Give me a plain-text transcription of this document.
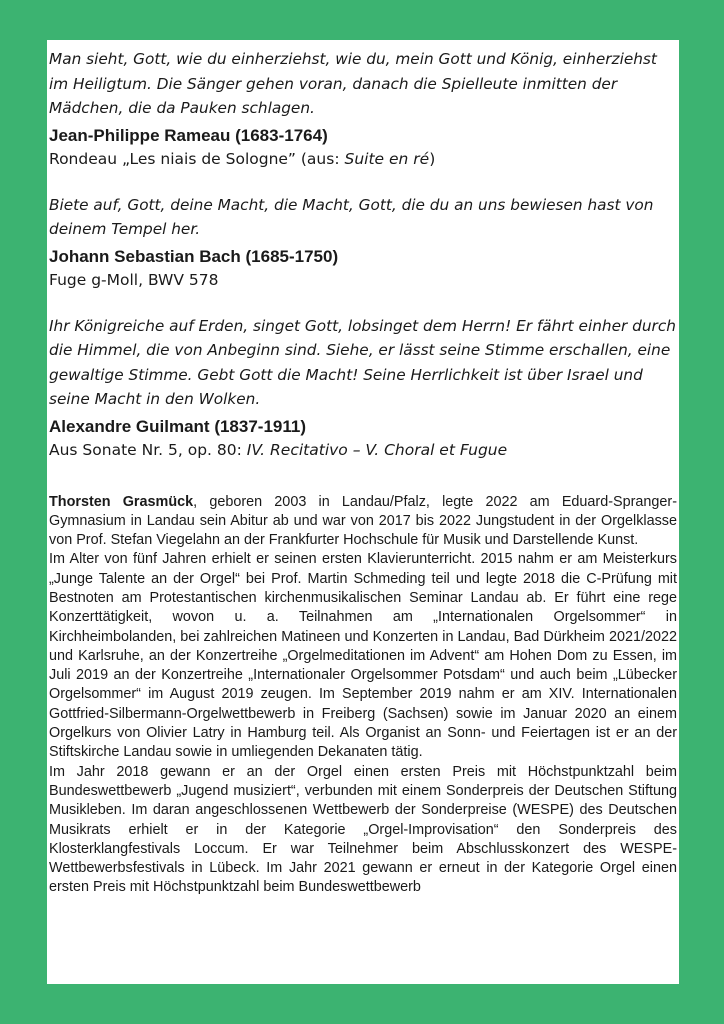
Man sieht, Gott, wie du einherziehst, wie du, mein Gott und König, einherziehst im Heiligtum. Die Sänger gehen voran, danach die Spielleute inmitten der Mädchen, die da Pauken schlagen.

Jean-Philippe Rameau (1683-1764)

Rondeau „Les niais de Sologne” (aus: Suite en ré)

Biete auf, Gott, deine Macht, die Macht, Gott, die du an uns bewiesen hast von deinem Tempel her.

Johann Sebastian Bach (1685-1750)

Fuge g-Moll, BWV 578

Ihr Königreiche auf Erden, singet Gott, lobsinget dem Herrn! Er fährt einher durch die Himmel, die von Anbeginn sind. Siehe, er lässt seine Stimme erschallen, eine gewaltige Stimme. Gebt Gott die Macht! Seine Herrlichkeit ist über Israel und seine Macht in den Wolken.

Alexandre Guilmant (1837-1911)

Aus Sonate Nr. 5, op. 80: IV. Recitativo – V. Choral et Fugue

Thorsten Grasmück, geboren 2003 in Landau/Pfalz, legte 2022 am Eduard-Spranger-Gymnasium in Landau sein Abitur ab und war von 2017 bis 2022 Jungstudent in der Orgelklasse von Prof. Stefan Viegelahn an der Frankfurter Hochschule für Musik und Darstellende Kunst.

Im Alter von fünf Jahren erhielt er seinen ersten Klavierunterricht. 2015 nahm er am Meisterkurs „Junge Talente an der Orgel“ bei Prof. Martin Schmeding teil und legte 2018 die C-Prüfung mit Bestnoten am Protestantischen kirchenmusikalischen Seminar Landau ab. Er führt eine rege Konzerttätigkeit, wovon u. a. Teilnahmen am „Internationalen Orgelsommer“ in Kirchheimbolanden, bei zahlreichen Matineen und Konzerten in Landau, Bad Dürkheim 2021/2022 und Karlsruhe, an der Konzertreihe „Orgelmeditationen im Advent“ am Hohen Dom zu Essen, im Juli 2019 an der Konzertreihe „Internationaler Orgelsommer Potsdam“ und auch beim „Lübecker Orgelsommer“ im August 2019 zeugen. Im September 2019 nahm er am XIV. Internationalen Gottfried-Silbermann-Orgelwettbewerb in Freiberg (Sachsen) sowie im Januar 2020 an einem Orgelkurs von Olivier Latry in Hamburg teil. Als Organist an Sonn- und Feiertagen ist er an der Stiftskirche Landau sowie in umliegenden Dekanaten tätig.

Im Jahr 2018 gewann er an der Orgel einen ersten Preis mit Höchstpunktzahl beim Bundeswettbewerb „Jugend musiziert“, verbunden mit einem Sonderpreis der Deutschen Stiftung Musikleben. Im daran angeschlossenen Wettbewerb der Sonderpreise (WESPE) des Deutschen Musikrats erhielt er in der Kategorie „Orgel-Improvisation“ den Sonderpreis des Klosterklangfestivals Loccum. Er war Teilnehmer beim Abschlusskonzert des WESPE-Wettbewerbsfestivals in Lübeck. Im Jahr 2021 gewann er erneut in der Kategorie Orgel einen ersten Preis mit Höchstpunktzahl beim Bundeswettbewerb
